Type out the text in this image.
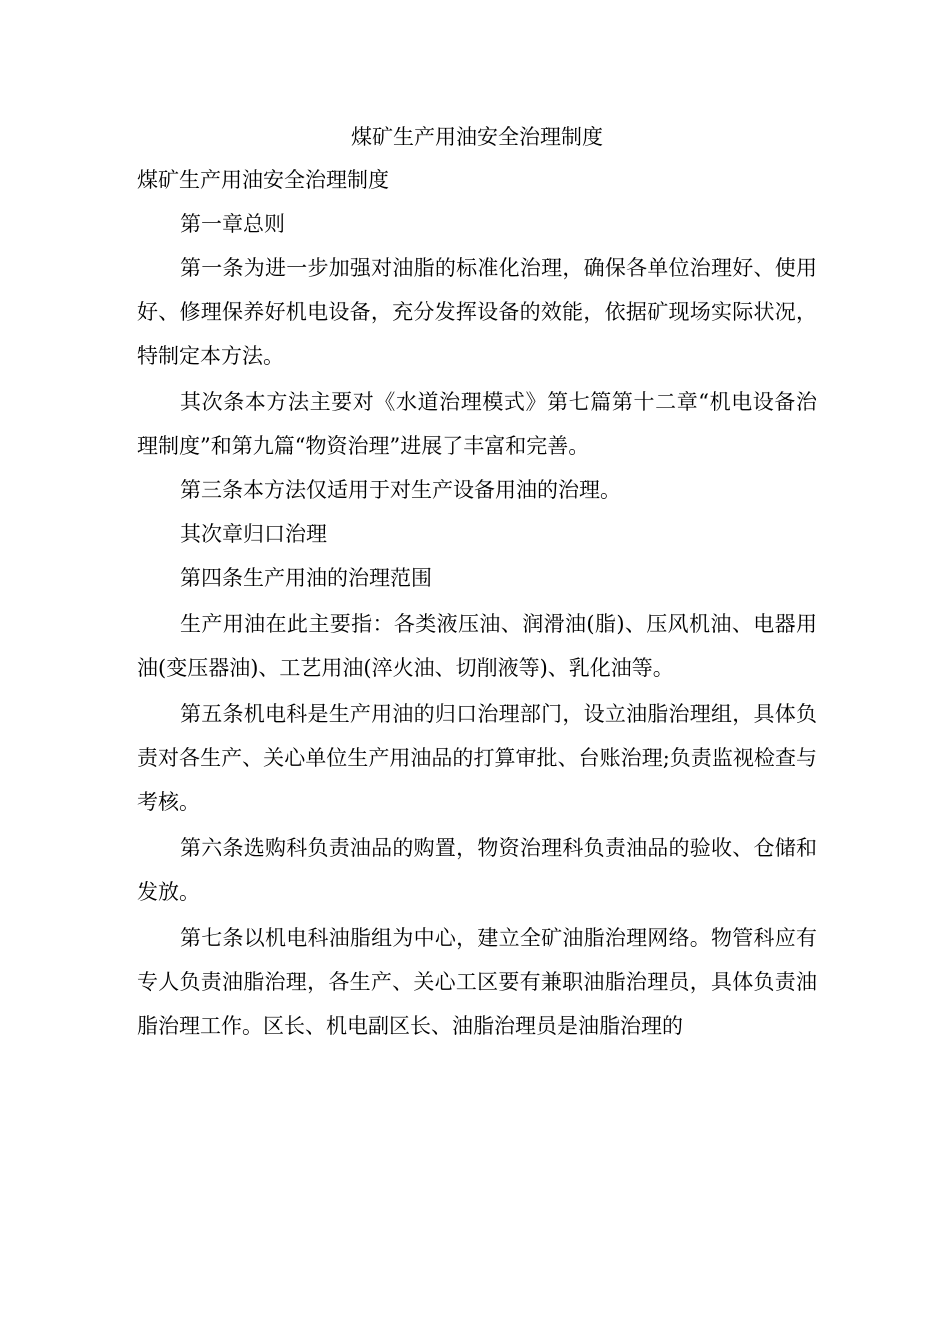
煤矿生产用油安全治理制度

煤矿生产用油安全治理制度

第一章总则

第一条为进一步加强对油脂的标准化治理，确保各单位治理好、使用好、修理保养好机电设备，充分发挥设备的效能，依据矿现场实际状况，特制定本方法。

其次条本方法主要对《水道治理模式》第七篇第十二章“机电设备治理制度”和第九篇“物资治理”进展了丰富和完善。

第三条本方法仅适用于对生产设备用油的治理。

其次章归口治理

第四条生产用油的治理范围

生产用油在此主要指：各类液压油、润滑油(脂)、压风机油、电器用油(变压器油)、工艺用油(淬火油、切削液等)、乳化油等。

第五条机电科是生产用油的归口治理部门，设立油脂治理组，具体负责对各生产、关心单位生产用油品的打算审批、台账治理;负责监视检查与考核。

第六条选购科负责油品的购置，物资治理科负责油品的验收、仓储和发放。

第七条以机电科油脂组为中心，建立全矿油脂治理网络。物管科应有专人负责油脂治理，各生产、关心工区要有兼职油脂治理员，具体负责油脂治理工作。区长、机电副区长、油脂治理员是油脂治理的
